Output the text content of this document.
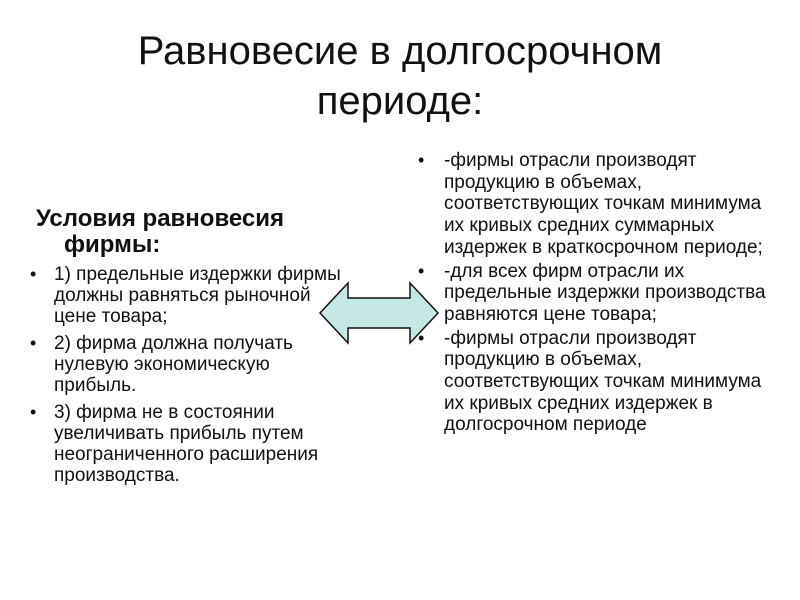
Равновесие в долгосрочном
периоде:
Условия равновесия
фирмы:
• 1) предельные издержки фирмы должны равняться рыночной цене товара;
• 2) фирма должна получать нулевую экономическую прибыль.
• 3) фирма не в состоянии увеличивать прибыль путем неограниченного расширения производства.
• -фирмы отрасли производят продукцию в объемах, соответствующих точкам минимума их кривых средних суммарных издержек в краткосрочном периоде;
• -для всех фирм отрасли их предельные издержки производства равняются цене товара;
• -фирмы отрасли производят продукцию в объемах, соответствующих точкам минимума их кривых средних издержек в долгосрочном периоде
